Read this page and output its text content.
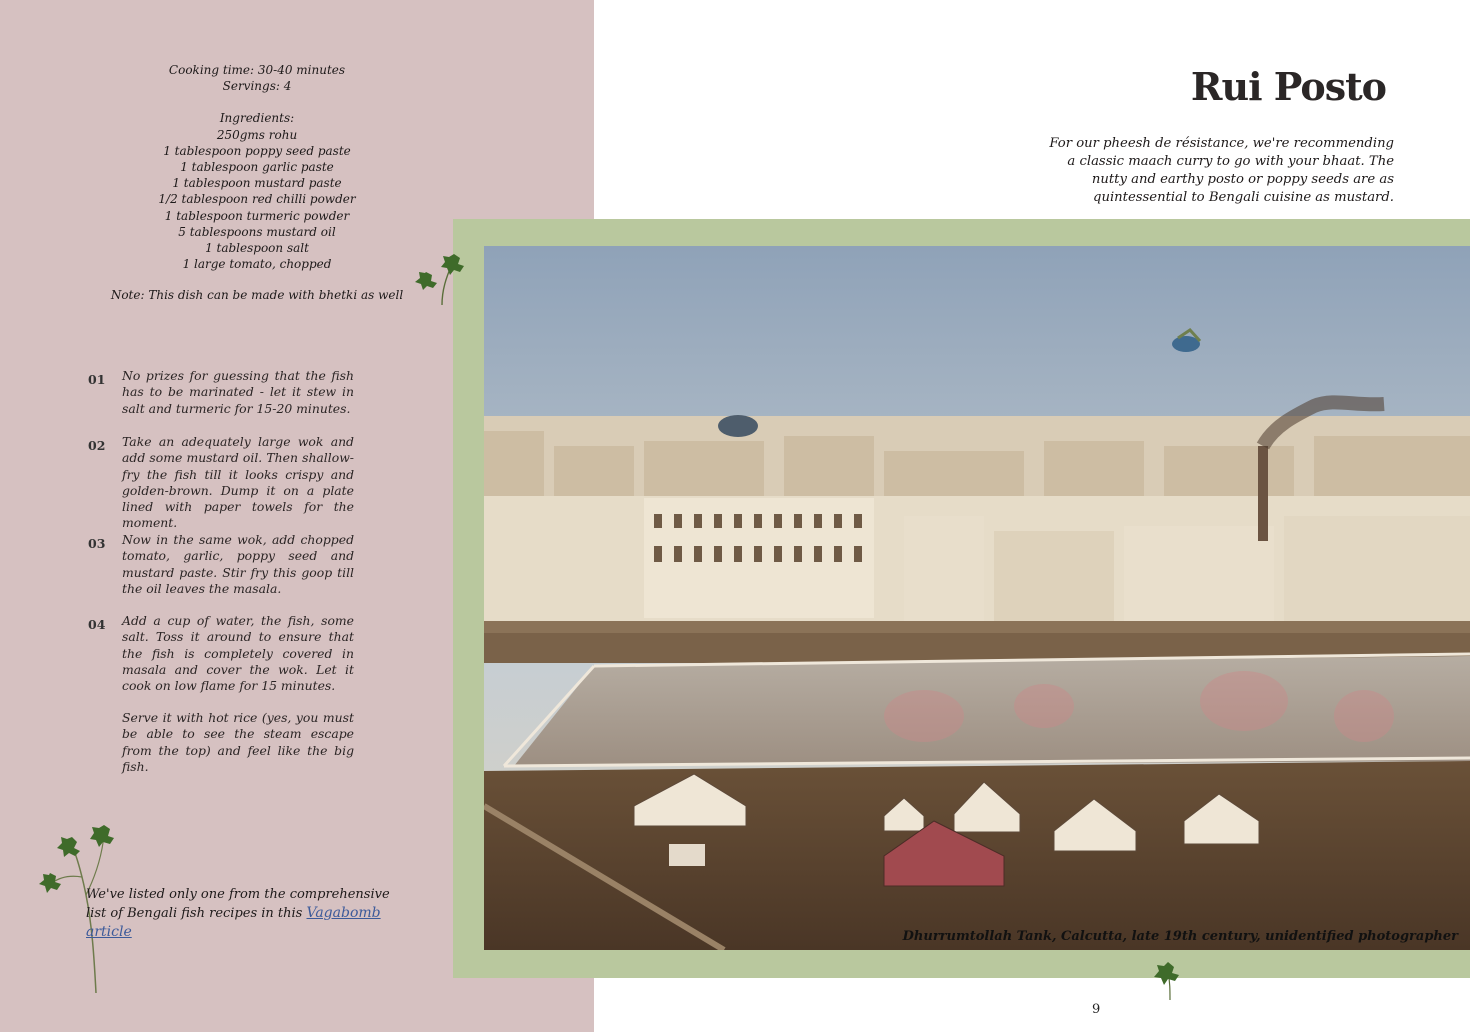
Cooking time: 30-40 minutes
Servings: 4
Ingredients:
250gms rohu
1 tablespoon poppy seed paste
1 tablespoon garlic paste
1 tablespoon mustard paste
1/2 tablespoon red chilli powder
1 tablespoon turmeric powder
5 tablespoons mustard oil
1 tablespoon salt
1 large tomato, chopped
Note: This dish can be made with bhetki as well
01 No prizes for guessing that the fish has to be marinated - let it stew in salt and turmeric for 15-20 minutes.
02 Take an adequately large wok and add some mustard oil. Then shallow-fry the fish till it looks crispy and golden-brown. Dump it on a plate lined with paper towels for the moment.
03 Now in the same wok, add chopped tomato, garlic, poppy seed and mustard paste. Stir fry this goop till the oil leaves the masala.
04 Add a cup of water, the fish, some salt. Toss it around to ensure that the fish is completely covered in masala and cover the wok. Let it cook on low flame for 15 minutes.
Serve it with hot rice (yes, you must be able to see the steam escape from the top) and feel like the big fish.
We've listed only one from the comprehensive list of Bengali fish recipes in this Vagabomb article
Rui Posto
For our pheesh de résistance, we're recommending a classic maach curry to go with your bhaat. The nutty and earthy posto or poppy seeds are as quintessential to Bengali cuisine as mustard.

Dhurrumtollah Tank, Calcutta, late 19th century, unidentified photographer

9
